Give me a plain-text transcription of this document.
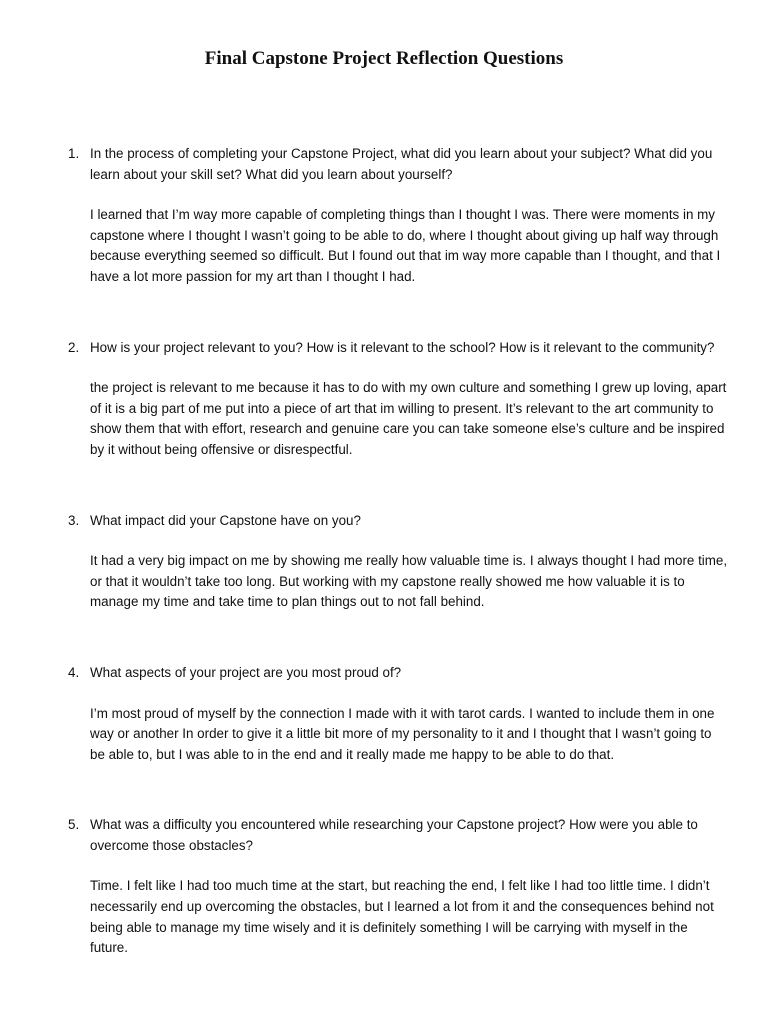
Final Capstone Project Reflection Questions
1. In the process of completing your Capstone Project, what did you learn about your subject? What did you learn about your skill set? What did you learn about yourself?

I learned that I’m way more capable of completing things than I thought I was. There were moments in my capstone where I thought I wasn’t going to be able to do, where I thought about giving up half way through because everything seemed so difficult. But I found out that im way more capable than I thought, and that I have a lot more passion for my art than I thought I had.

2. How is your project relevant to you? How is it relevant to the school? How is it relevant to the community?

the project is relevant to me because it has to do with my own culture and something I grew up loving, apart of it is a big part of me put into a piece of art that im willing to present. It’s relevant to the art community to show them that with effort, research and genuine care you can take someone else’s culture and be inspired by it without being offensive or disrespectful.

3. What impact did your Capstone have on you?

It had a very big impact on me by showing me really how valuable time is. I always thought I had more time, or that it wouldn’t take too long. But working with my capstone really showed me how valuable it is to manage my time and take time to plan things out to not fall behind.

4. What aspects of your project are you most proud of?

I’m most proud of myself by the connection I made with it with tarot cards. I wanted to include them in one way or another In order to give it a little bit more of my personality to it and I thought that I wasn’t going to be able to, but I was able to in the end and it really made me happy to be able to do that.

5. What was a difficulty you encountered while researching your Capstone project? How were you able to overcome those obstacles?

Time. I felt like I had too much time at the start, but reaching the end, I felt like I had too little time. I didn’t necessarily end up overcoming the obstacles, but I learned a lot from it and the consequences behind not being able to manage my time wisely and it is definitely something I will be carrying with myself in the future.
